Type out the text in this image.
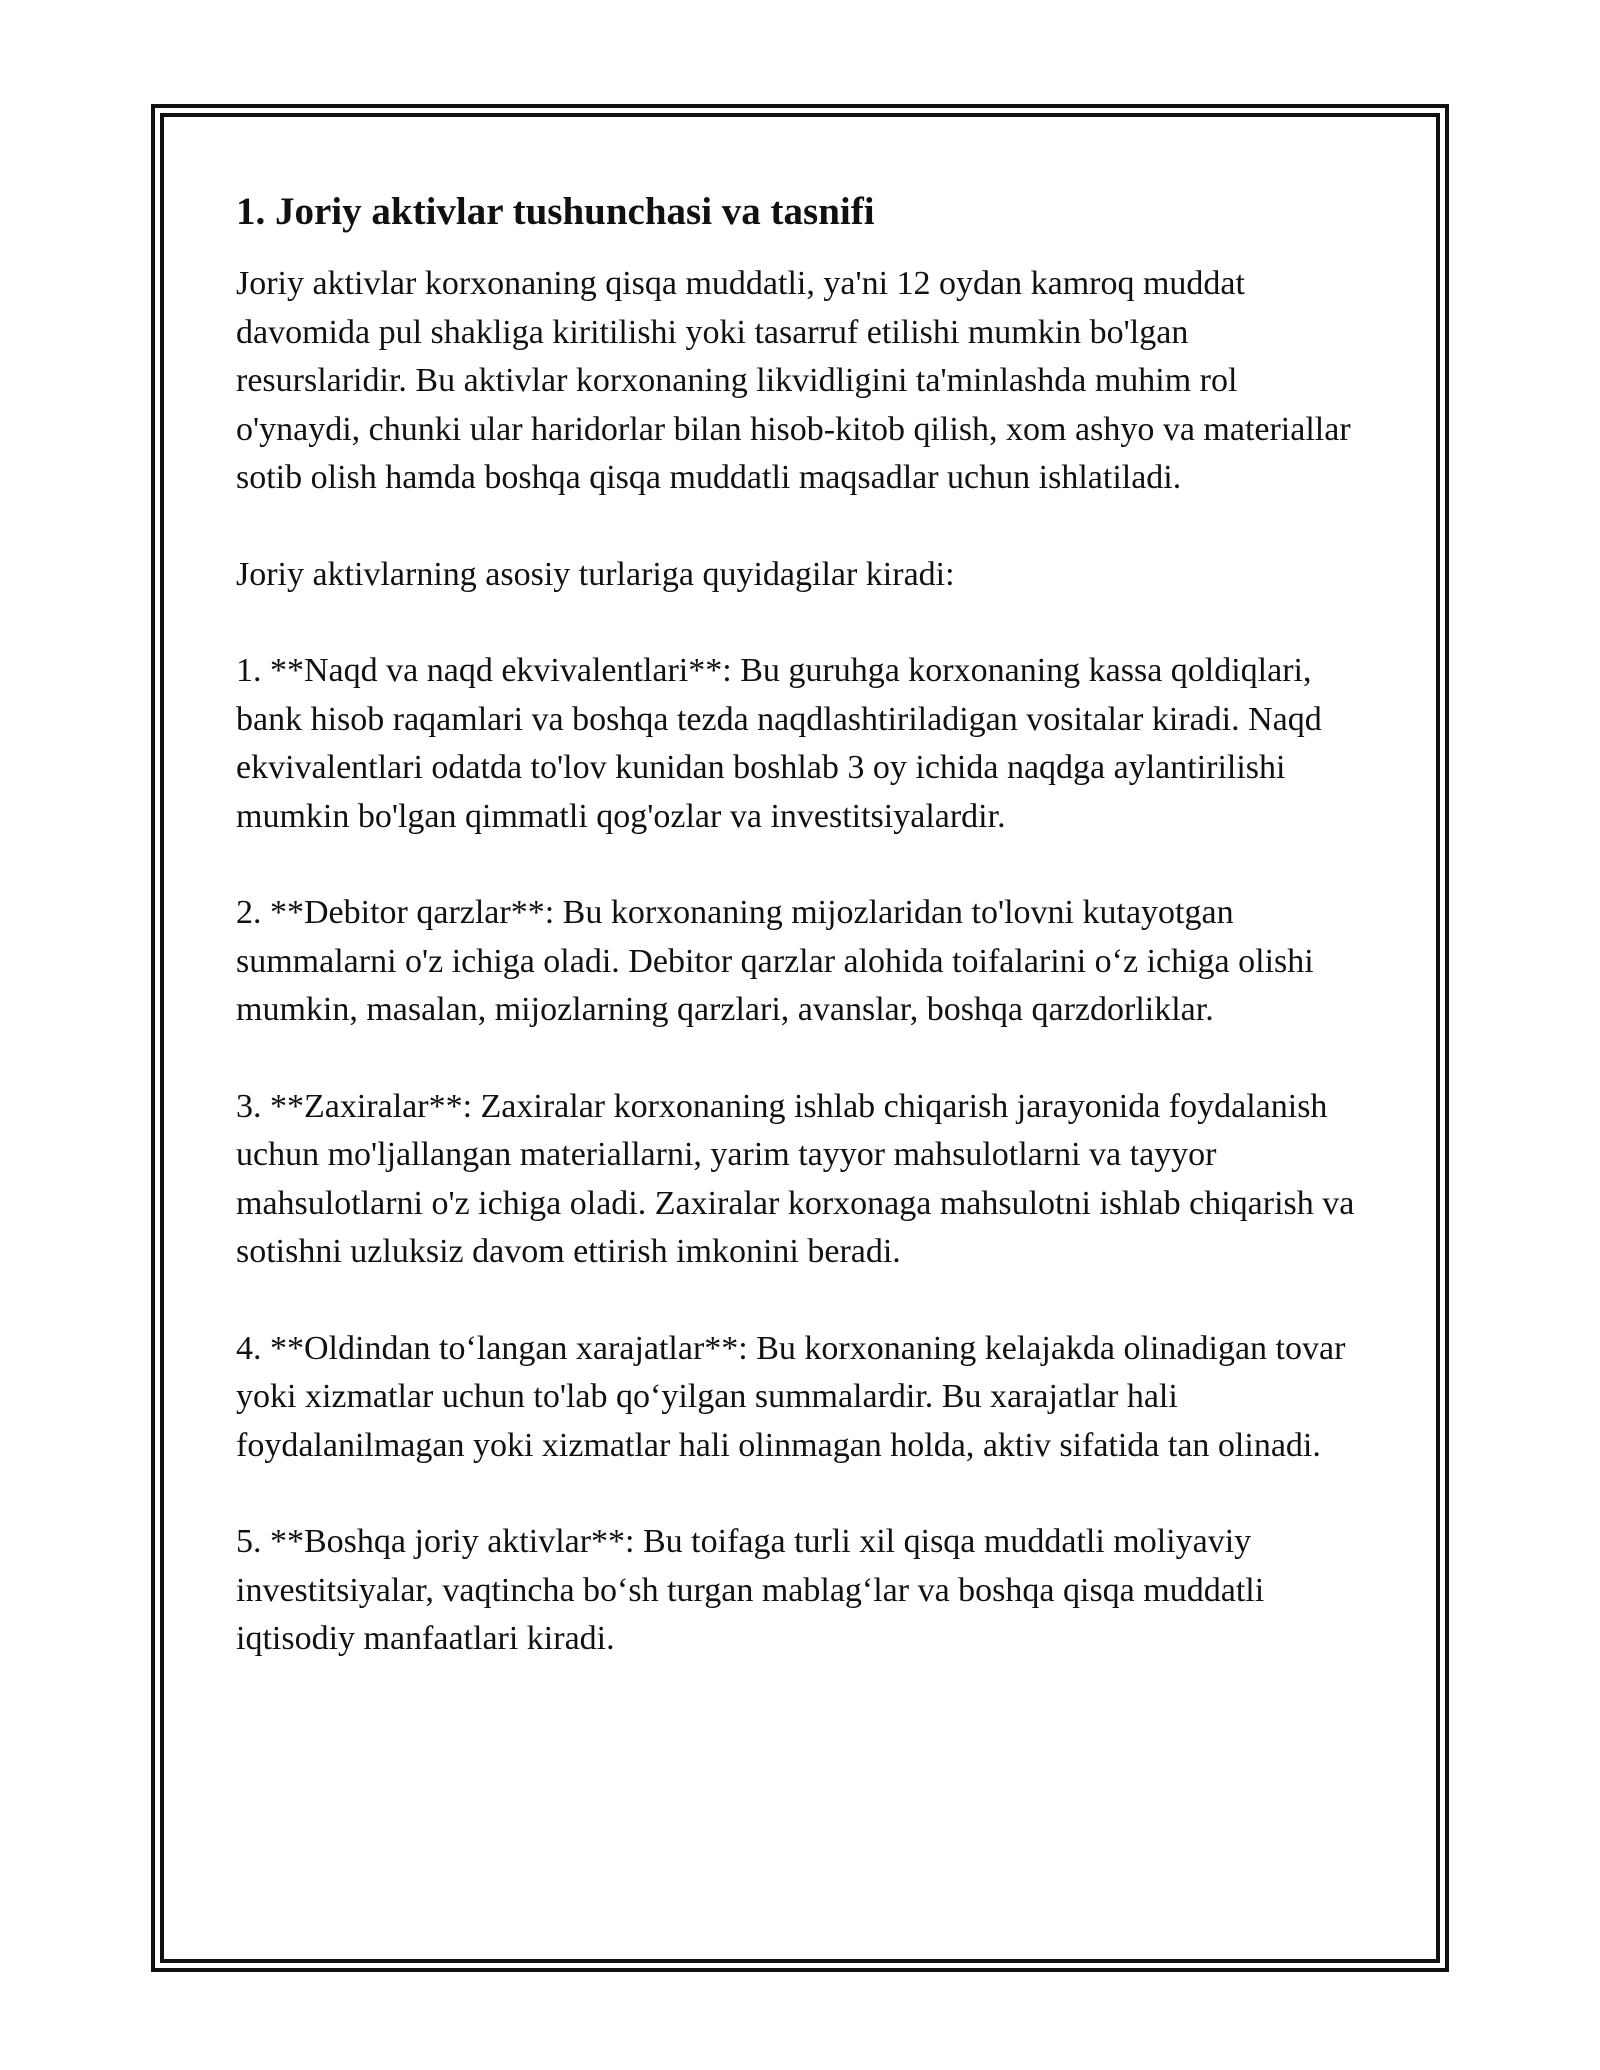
1. Joriy aktivlar tushunchasi va tasnifi

Joriy aktivlar korxonaning qisqa muddatli, ya'ni 12 oydan kamroq muddat davomida pul shakliga kiritilishi yoki tasarruf etilishi mumkin bo'lgan resurslaridir. Bu aktivlar korxonaning likvidligini ta'minlashda muhim rol o'ynaydi, chunki ular haridorlar bilan hisob-kitob qilish, xom ashyo va materiallar sotib olish hamda boshqa qisqa muddatli maqsadlar uchun ishlatiladi.

Joriy aktivlarning asosiy turlariga quyidagilar kiradi:

1. **Naqd va naqd ekvivalentlari**: Bu guruhga korxonaning kassa qoldiqlari, bank hisob raqamlari va boshqa tezda naqdlashtiriladigan vositalar kiradi. Naqd ekvivalentlari odatda to'lov kunidan boshlab 3 oy ichida naqdga aylantirilishi mumkin bo'lgan qimmatli qog'ozlar va investitsiyalardir.

2. **Debitor qarzlar**: Bu korxonaning mijozlaridan to'lovni kutayotgan summalarni o'z ichiga oladi. Debitor qarzlar alohida toifalarini o‘z ichiga olishi mumkin, masalan, mijozlarning qarzlari, avanslar, boshqa qarzdorliklar.

3. **Zaxiralar**: Zaxiralar korxonaning ishlab chiqarish jarayonida foydalanish uchun mo'ljallangan materiallarni, yarim tayyor mahsulotlarni va tayyor mahsulotlarni o'z ichiga oladi. Zaxiralar korxonaga mahsulotni ishlab chiqarish va sotishni uzluksiz davom ettirish imkonini beradi.

4. **Oldindan to‘langan xarajatlar**: Bu korxonaning kelajakda olinadigan tovar yoki xizmatlar uchun to'lab qo‘yilgan summalardir. Bu xarajatlar hali foydalanilmagan yoki xizmatlar hali olinmagan holda, aktiv sifatida tan olinadi.

5. **Boshqa joriy aktivlar**: Bu toifaga turli xil qisqa muddatli moliyaviy investitsiyalar, vaqtincha bo‘sh turgan mablag‘lar va boshqa qisqa muddatli iqtisodiy manfaatlari kiradi.
